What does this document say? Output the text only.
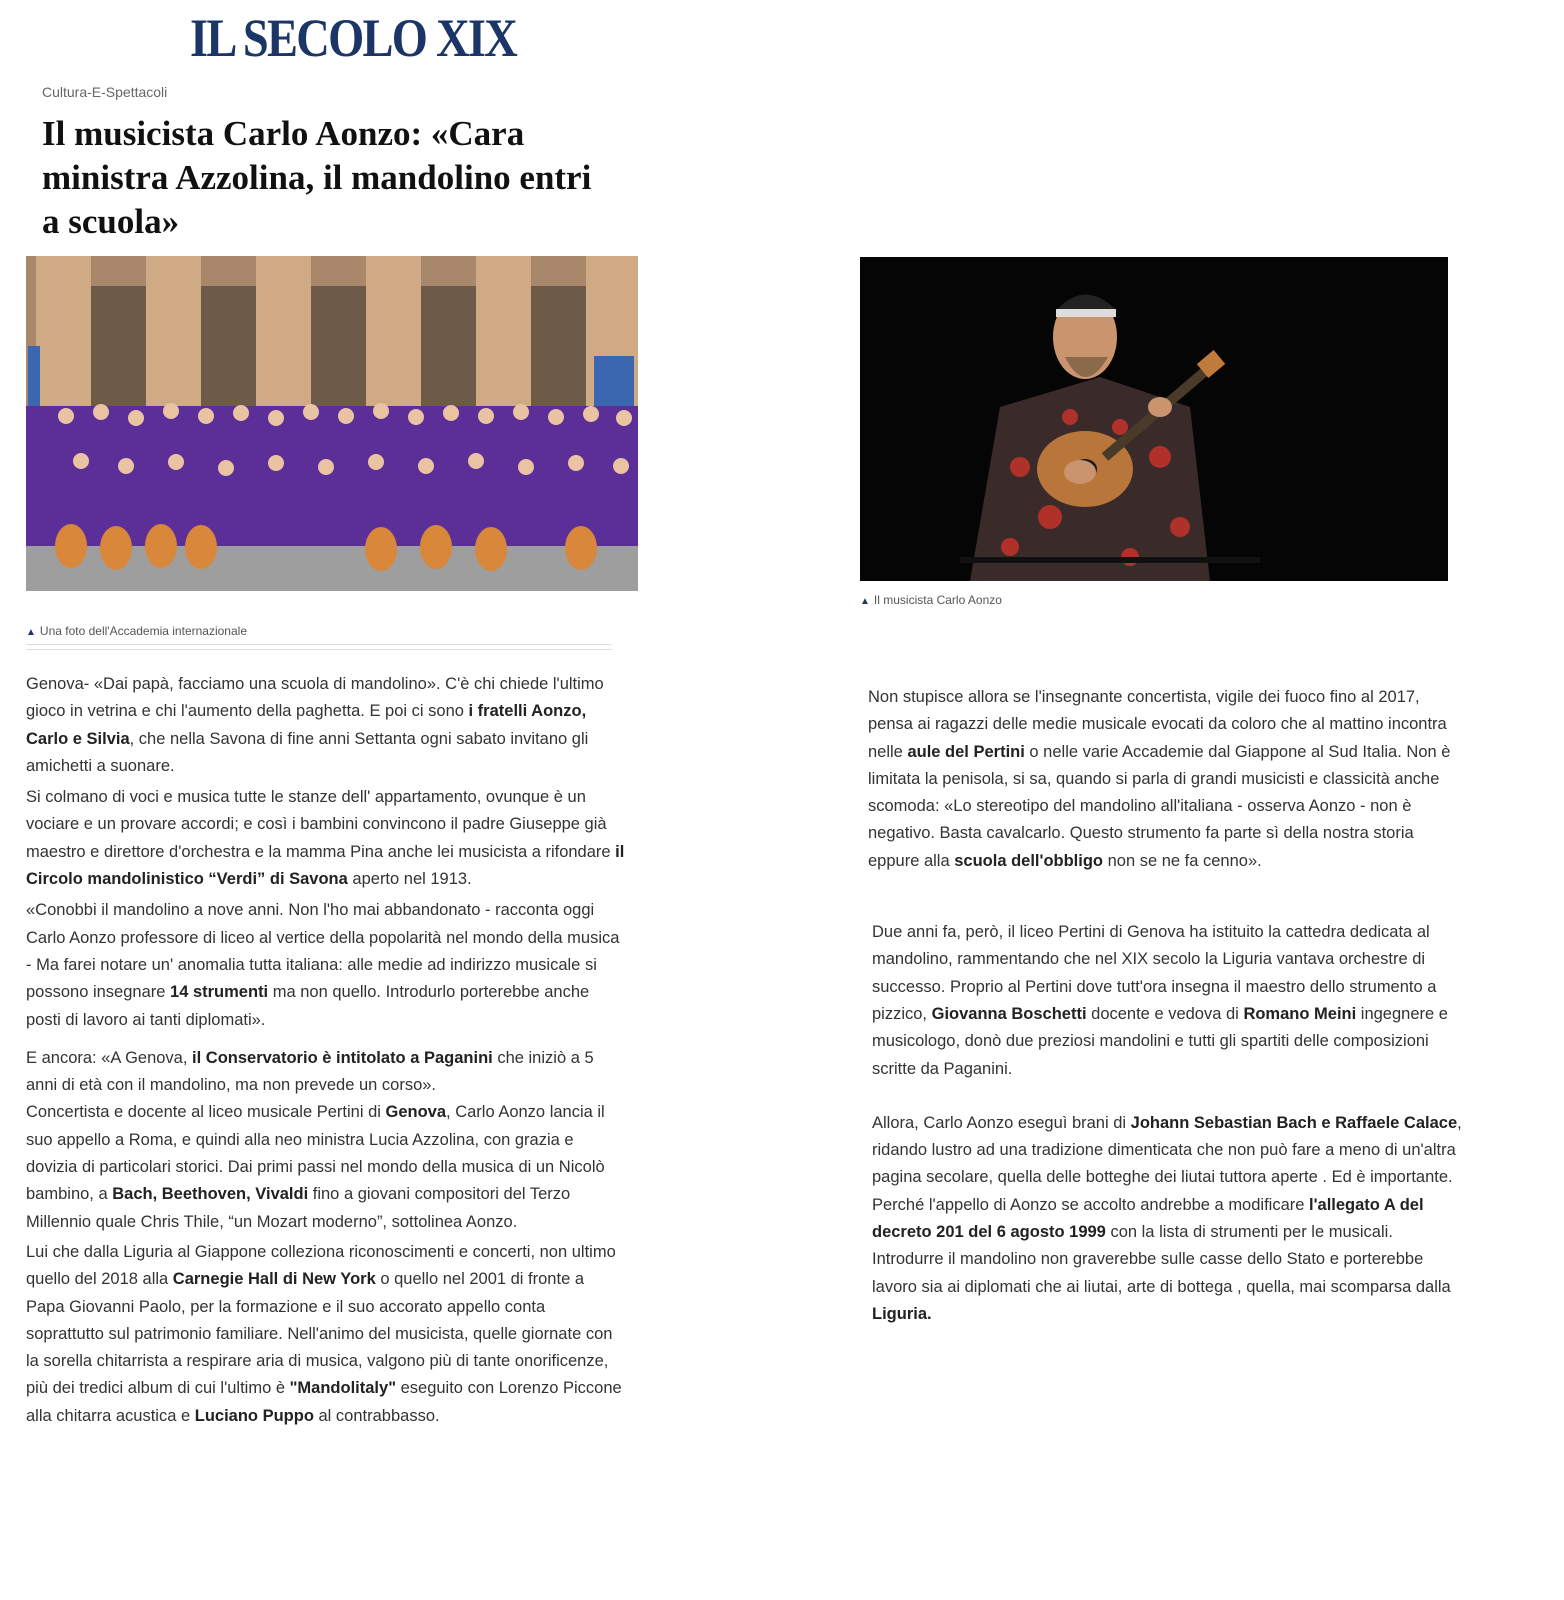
IL SECOLO XIX
Cultura-E-Spettacoli
Il musicista Carlo Aonzo: «Cara ministra Azzolina, il mandolino entri a scuola»
▲ Una foto dell'Accademia internazionale
▲ Il musicista Carlo Aonzo

Genova- «Dai papà, facciamo una scuola di mandolino». C'è chi chiede l'ultimo gioco in vetrina e chi l'aumento della paghetta. E poi ci sono i fratelli Aonzo, Carlo e Silvia, che nella Savona di fine anni Settanta ogni sabato invitano gli amichetti a suonare.

Si colmano di voci e musica tutte le stanze dell' appartamento, ovunque è un vociare e un provare accordi; e così i bambini convincono il padre Giuseppe già maestro e direttore d'orchestra e la mamma Pina anche lei musicista a rifondare il Circolo mandolinistico “Verdi” di Savona aperto nel 1913.

«Conobbi il mandolino a nove anni. Non l'ho mai abbandonato - racconta oggi Carlo Aonzo professore di liceo al vertice della popolarità nel mondo della musica - Ma farei notare un' anomalia tutta italiana: alle medie ad indirizzo musicale si possono insegnare 14 strumenti ma non quello. Introdurlo porterebbe anche posti di lavoro ai tanti diplomati».

E ancora: «A Genova, il Conservatorio è intitolato a Paganini che iniziò a 5 anni di età con il mandolino, ma non prevede un corso».
Concertista e docente al liceo musicale Pertini di Genova, Carlo Aonzo lancia il suo appello a Roma, e quindi alla neo ministra Lucia Azzolina, con grazia e dovizia di particolari storici. Dai primi passi nel mondo della musica di un Nicolò bambino, a Bach, Beethoven, Vivaldi fino a giovani compositori del Terzo Millennio quale Chris Thile, “un Mozart moderno”, sottolinea Aonzo.

Lui che dalla Liguria al Giappone colleziona riconoscimenti e concerti, non ultimo quello del 2018 alla Carnegie Hall di New York o quello nel 2001 di fronte a Papa Giovanni Paolo, per la formazione e il suo accorato appello conta soprattutto sul patrimonio familiare. Nell'animo del musicista, quelle giornate con la sorella chitarrista a respirare aria di musica, valgono più di tante onorificenze, più dei tredici album di cui l'ultimo è "Mandolitaly" eseguito con Lorenzo Piccone alla chitarra acustica e Luciano Puppo al contrabbasso.

Non stupisce allora se l'insegnante concertista, vigile dei fuoco fino al 2017, pensa ai ragazzi delle medie musicale evocati da coloro che al mattino incontra nelle aule del Pertini o nelle varie Accademie dal Giappone al Sud Italia. Non è limitata la penisola, si sa, quando si parla di grandi musicisti e classicità anche scomoda: «Lo stereotipo del mandolino all'italiana - osserva Aonzo - non è negativo. Basta cavalcarlo. Questo strumento fa parte sì della nostra storia eppure alla scuola dell'obbligo non se ne fa cenno».

Due anni fa, però, il liceo Pertini di Genova ha istituito la cattedra dedicata al mandolino, rammentando che nel XIX secolo la Liguria vantava orchestre di successo. Proprio al Pertini dove tutt'ora insegna il maestro dello strumento a pizzico, Giovanna Boschetti docente e vedova di Romano Meini ingegnere e musicologo, donò due preziosi mandolini e tutti gli spartiti delle composizioni scritte da Paganini.

Allora, Carlo Aonzo eseguì brani di Johann Sebastian Bach e Raffaele Calace, ridando lustro ad una tradizione dimenticata che non può fare a meno di un'altra pagina secolare, quella delle botteghe dei liutai tuttora aperte . Ed è importante. Perché l'appello di Aonzo se accolto andrebbe a modificare l'allegato A del decreto 201 del 6 agosto 1999 con la lista di strumenti per le musicali. Introdurre il mandolino non graverebbe sulle casse dello Stato e porterebbe lavoro sia ai diplomati che ai liutai, arte di bottega , quella, mai scomparsa dalla Liguria.
